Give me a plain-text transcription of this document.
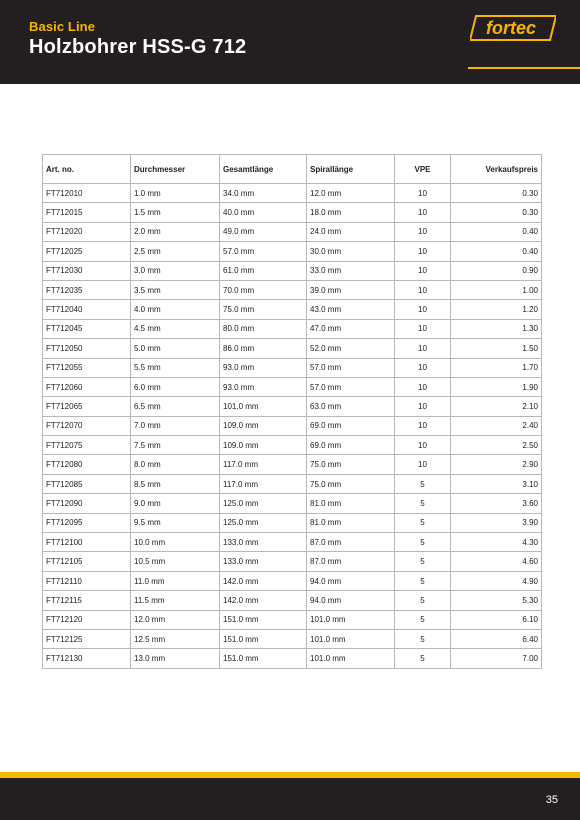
Basic Line
Holzbohrer HSS-G 712
fortec
Art. no.	Durchmesser	Gesamtlänge	Spirallänge	VPE	Verkaufspreis
FT712010	1.0 mm	34.0 mm	12.0 mm	10	0.30
FT712015	1.5 mm	40.0 mm	18.0 mm	10	0.30
FT712020	2.0 mm	49.0 mm	24.0 mm	10	0.40
FT712025	2.5 mm	57.0 mm	30.0 mm	10	0.40
FT712030	3.0 mm	61.0 mm	33.0 mm	10	0.90
FT712035	3.5 mm	70.0 mm	39.0 mm	10	1.00
FT712040	4.0 mm	75.0 mm	43.0 mm	10	1.20
FT712045	4.5 mm	80.0 mm	47.0 mm	10	1.30
FT712050	5.0 mm	86.0 mm	52.0 mm	10	1.50
FT712055	5.5 mm	93.0 mm	57.0 mm	10	1.70
FT712060	6.0 mm	93.0 mm	57.0 mm	10	1.90
FT712065	6.5 mm	101.0 mm	63.0 mm	10	2.10
FT712070	7.0 mm	109.0 mm	69.0 mm	10	2.40
FT712075	7.5 mm	109.0 mm	69.0 mm	10	2.50
FT712080	8.0 mm	117.0 mm	75.0 mm	10	2.90
FT712085	8.5 mm	117.0 mm	75.0 mm	5	3.10
FT712090	9.0 mm	125.0 mm	81.0 mm	5	3.60
FT712095	9.5 mm	125.0 mm	81.0 mm	5	3.90
FT712100	10.0 mm	133.0 mm	87.0 mm	5	4.30
FT712105	10.5 mm	133.0 mm	87.0 mm	5	4.60
FT712110	11.0 mm	142.0 mm	94.0 mm	5	4.90
FT712115	11.5 mm	142.0 mm	94.0 mm	5	5.30
FT712120	12.0 mm	151.0 mm	101.0 mm	5	6.10
FT712125	12.5 mm	151.0 mm	101.0 mm	5	6.40
FT712130	13.0 mm	151.0 mm	101.0 mm	5	7.00
35
